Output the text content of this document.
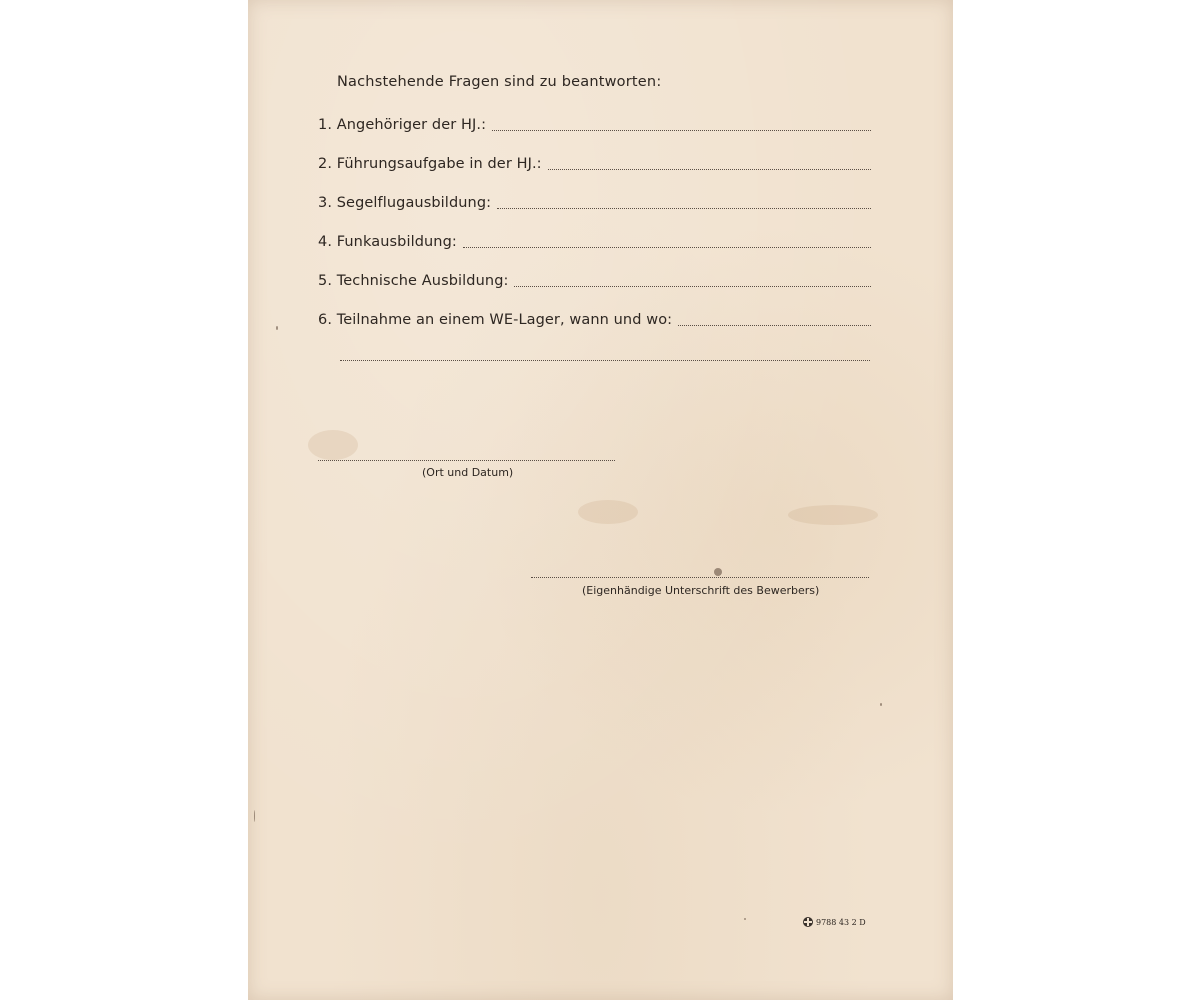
Nachstehende Fragen sind zu beantworten:
1. Angehöriger der HJ.:
2. Führungsaufgabe in der HJ.:
3. Segelflugausbildung:
4. Funkausbildung:
5. Technische Ausbildung:
6. Teilnahme an einem WE-Lager, wann und wo:
(Ort und Datum)
(Eigenhändige Unterschrift des Bewerbers)
9788 43 2 D
